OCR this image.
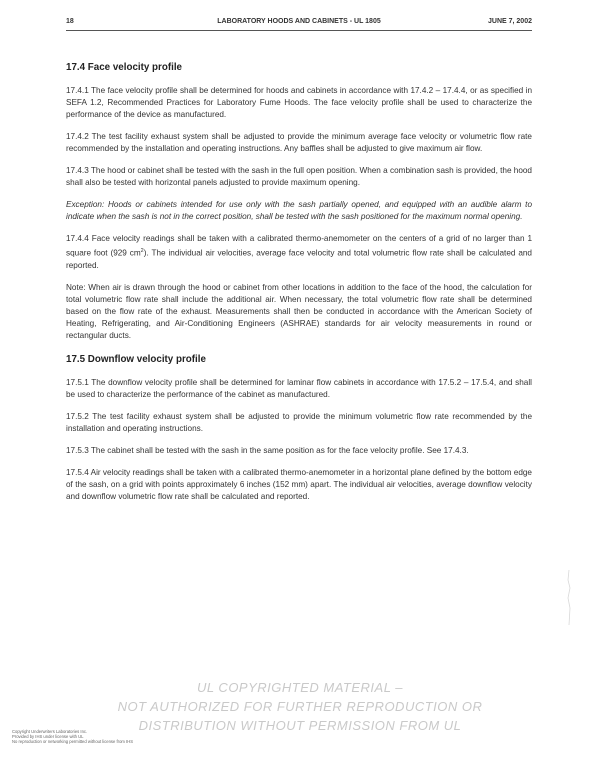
18	LABORATORY HOODS AND CABINETS - UL 1805	JUNE 7, 2002
17.4 Face velocity profile

17.4.1 The face velocity profile shall be determined for hoods and cabinets in accordance with 17.4.2 – 17.4.4, or as specified in SEFA 1.2, Recommended Practices for Laboratory Fume Hoods. The face velocity profile shall be used to characterize the performance of the device as manufactured.

17.4.2 The test facility exhaust system shall be adjusted to provide the minimum average face velocity or volumetric flow rate recommended by the installation and operating instructions. Any baffles shall be adjusted to give maximum air flow.

17.4.3 The hood or cabinet shall be tested with the sash in the full open position. When a combination sash is provided, the hood shall also be tested with horizontal panels adjusted to provide maximum opening.

Exception: Hoods or cabinets intended for use only with the sash partially opened, and equipped with an audible alarm to indicate when the sash is not in the correct position, shall be tested with the sash positioned for the maximum normal opening.

17.4.4 Face velocity readings shall be taken with a calibrated thermo-anemometer on the centers of a grid of no larger than 1 square foot (929 $cm^2$). The individual air velocities, average face velocity and total volumetric flow rate shall be calculated and reported.

Note: When air is drawn through the hood or cabinet from other locations in addition to the face of the hood, the calculation for total volumetric flow rate shall include the additional air. When necessary, the total volumetric flow rate shall be determined based on the flow rate of the exhaust. Measurements shall then be conducted in accordance with the American Society of Heating, Refrigerating, and Air-Conditioning Engineers (ASHRAE) standards for air velocity measurements in round or rectangular ducts.

17.5 Downflow velocity profile

17.5.1 The downflow velocity profile shall be determined for laminar flow cabinets in accordance with 17.5.2 – 17.5.4, and shall be used to characterize the performance of the cabinet as manufactured.

17.5.2 The test facility exhaust system shall be adjusted to provide the minimum volumetric flow rate recommended by the installation and operating instructions.

17.5.3 The cabinet shall be tested with the sash in the same position as for the face velocity profile. See 17.4.3.

17.5.4 Air velocity readings shall be taken with a calibrated thermo-anemometer in a horizontal plane defined by the bottom edge of the sash, on a grid with points approximately 6 inches (152 mm) apart. The individual air velocities, average downflow velocity and downflow volumetric flow rate shall be calculated and reported.

UL COPYRIGHTED MATERIAL –
NOT AUTHORIZED FOR FURTHER REPRODUCTION OR
DISTRIBUTION WITHOUT PERMISSION FROM UL
Copyright Underwriters Laboratories Inc.
Provided by IHS under license with UL
No reproduction or networking permitted without license from IHS
